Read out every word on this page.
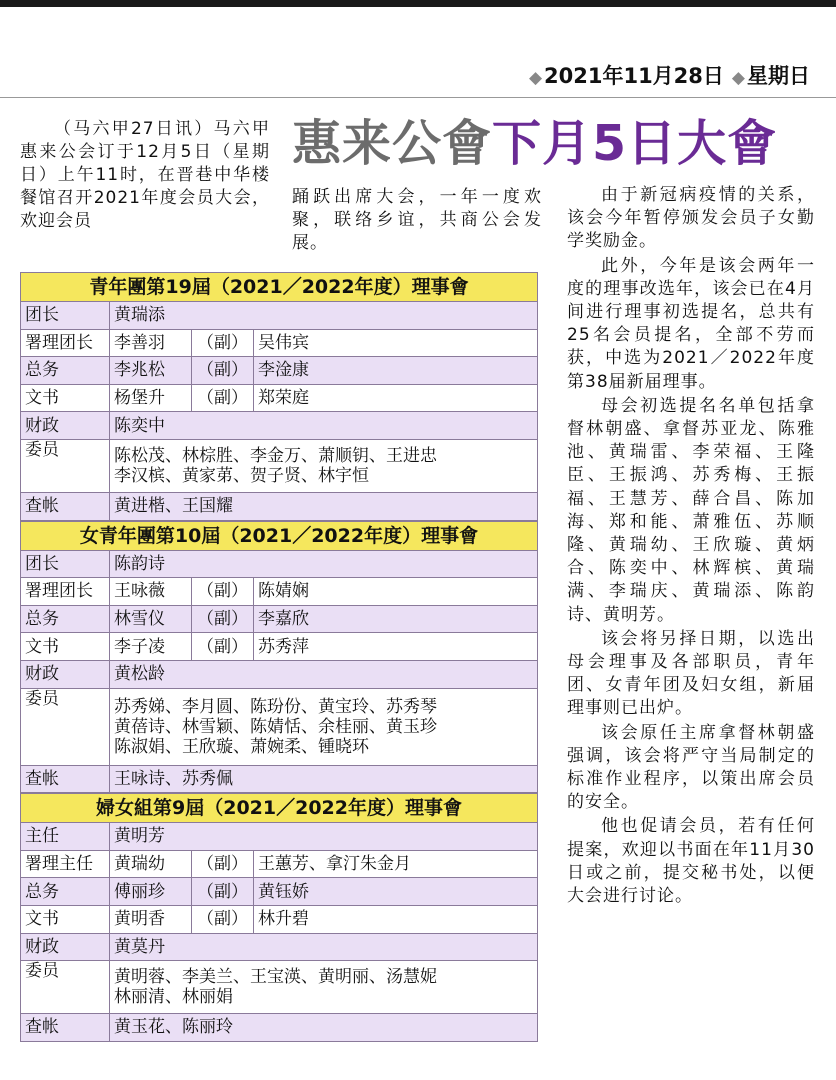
◆2021年11月28日 ◆星期日

（马六甲27日讯）马六甲惠来公会订于12月5日（星期日）上午11时，在晋巷中华楼餐馆召开2021年度会员大会，欢迎会员

惠来公會下月5日大會

踊跃出席大会，一年一度欢聚，联络乡谊，共商公会发展。

青年團第19屆（2021／2022年度）理事會			
团长	黄瑞添		
署理团长	李善羽	（副）	吴伟宾
总务	李兆松	（副）	李淦康
文书	杨堡升	（副）	郑荣庭
财政	陈奕中		
委员	陈松茂、林棕胜、李金万、萧顺钥、王进忠
李汉槟、黄家苐、贺子贤、林宇恒		

查帐	黄进楷、王国耀		
女青年團第10屆（2021／2022年度）理事會			
团长	陈韵诗		
署理团长	王咏薇	（副）	陈婧娴
总务	林雪仪	（副）	李嘉欣
文书	李子凌	（副）	苏秀萍
财政	黄松龄		
委员	苏秀娣、李月圆、陈玢份、黄宝玲、苏秀琴
黄蓓诗、林雪颖、陈婧恬、余桂丽、黄玉珍
陈淑娟、王欣璇、萧婉柔、锺晓环		

查帐	王咏诗、苏秀佩		
婦女組第9屆（2021／2022年度）理事會			
主任	黄明芳		
署理主任	黄瑞幼	（副）	王蕙芳、拿汀朱金月
总务	傅丽珍	（副）	黄钰娇
文书	黄明香	（副）	林升碧
财政	黄莫丹		
委员	黄明蓉、李美兰、王宝渶、黄明丽、汤慧妮
林丽清、林丽娟		

查帐	黄玉花、陈丽玲		

由于新冠病疫情的关系，该会今年暂停颁发会员子女勤学奖励金。

此外，今年是该会两年一度的理事改选年，该会已在4月间进行理事初选提名，总共有25名会员提名，全部不劳而获，中选为2021／2022年度第38届新届理事。

母会初选提名名单包括拿督林朝盛、拿督苏亚龙、陈雅池、黄瑞雷、李荣福、王隆臣、王振鸿、苏秀梅、王振福、王慧芳、薛合昌、陈加海、郑和能、萧雅伍、苏顺隆、黄瑞幼、王欣璇、黄炳合、陈奕中、林辉槟、黄瑞满、李瑞庆、黄瑞添、陈韵诗、黄明芳。

该会将另择日期，以选出母会理事及各部职员，青年团、女青年团及妇女组，新届理事则已出炉。

该会原任主席拿督林朝盛强调，该会将严守当局制定的标准作业程序，以策出席会员的安全。

他也促请会员，若有任何提案，欢迎以书面在年11月30日或之前，提交秘书处，以便大会进行讨论。
